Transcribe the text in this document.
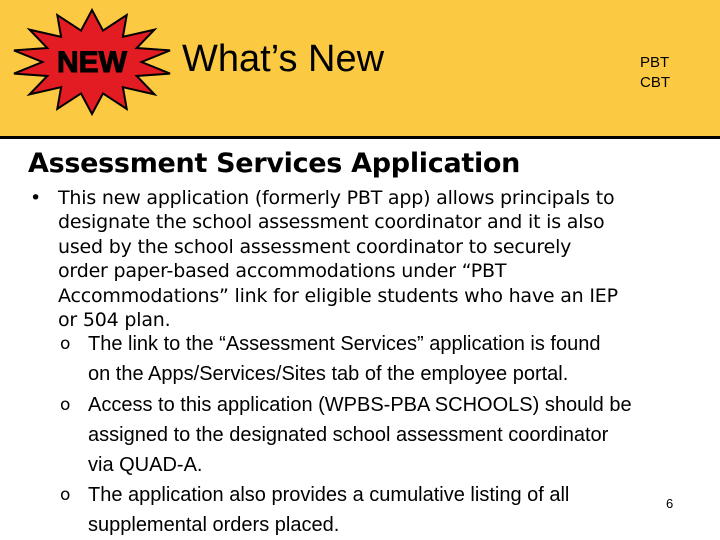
NEW What’s New	PBT
CBT
Assessment Services Application
• This new application (formerly PBT app) allows principals to
designate the school assessment coordinator and it is also
used by the school assessment coordinator to securely
order paper-based accommodations under “PBT
Accommodations” link for eligible students who have an IEP
or 504 plan.
o The link to the “Assessment Services” application is found
on the Apps/Services/Sites tab of the employee portal.
o Access to this application (WPBS-PBA SCHOOLS) should be
assigned to the designated school assessment coordinator
via QUAD-A.
o The application also provides a cumulative listing of all
supplemental orders placed.
6
